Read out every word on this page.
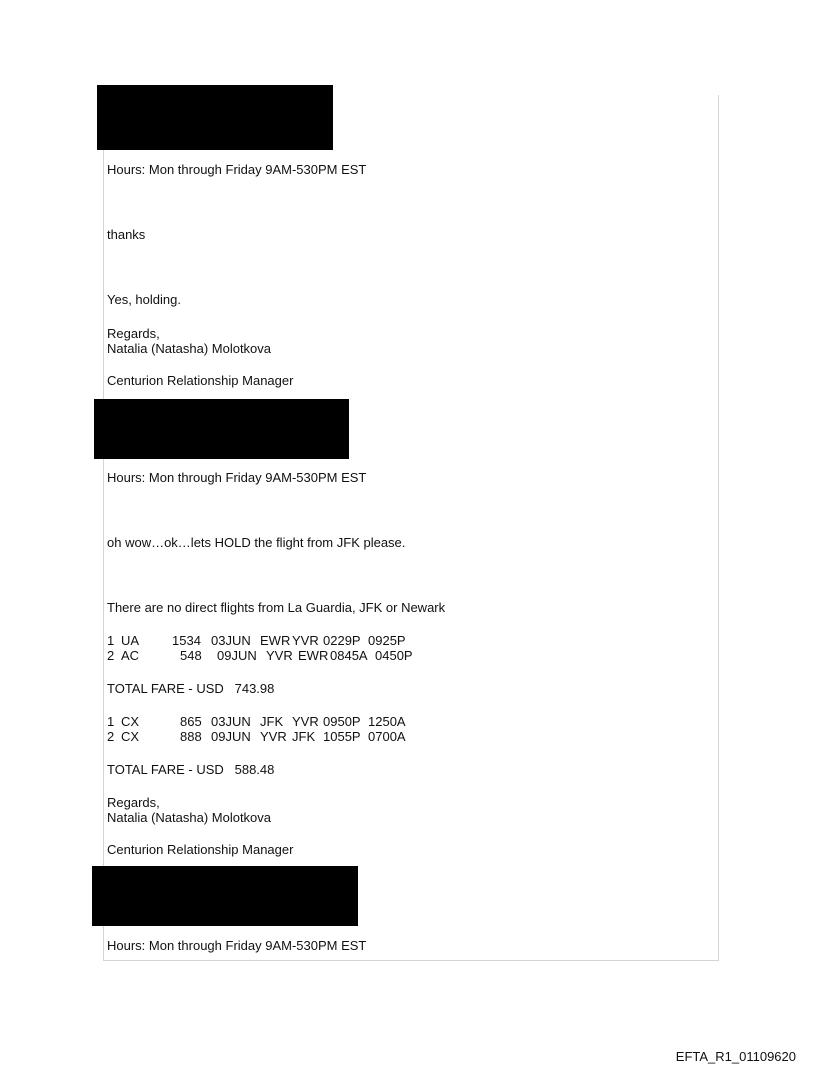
Hours: Mon through Friday 9AM-530PM EST
thanks
Yes, holding.
Regards,
Natalia (Natasha) Molotkova
Centurion Relationship Manager
Hours: Mon through Friday 9AM-530PM EST
oh wow…ok…lets HOLD the flight from JFK please.
There are no direct flights from La Guardia, JFK or Newark
1 UA	1534 03JUN EWR YVR 0229P 0925P
2 AC	548 09JUN YVR EWR 0845A 0450P
TOTAL FARE - USD   743.98
1 CX	865 03JUN JFK YVR 0950P 1250A
2 CX	888 09JUN YVR JFK 1055P 0700A
TOTAL FARE - USD   588.48
Regards,
Natalia (Natasha) Molotkova
Centurion Relationship Manager
Hours: Mon through Friday 9AM-530PM EST
EFTA_R1_01109620
